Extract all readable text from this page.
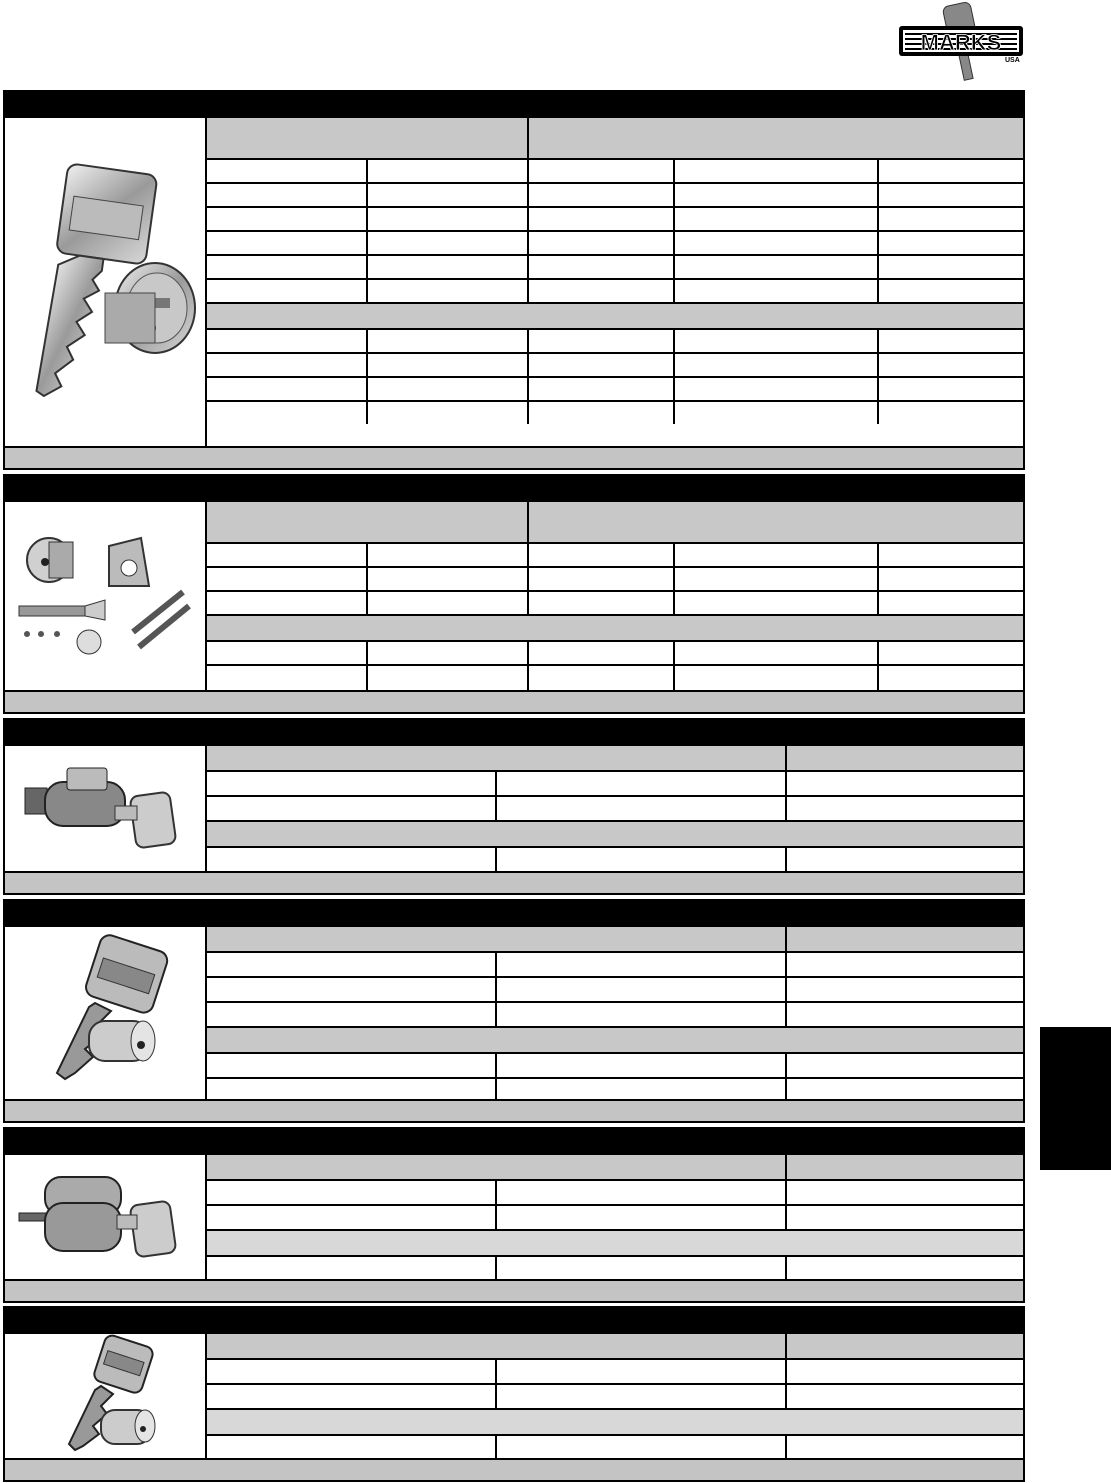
MARKS
USA
